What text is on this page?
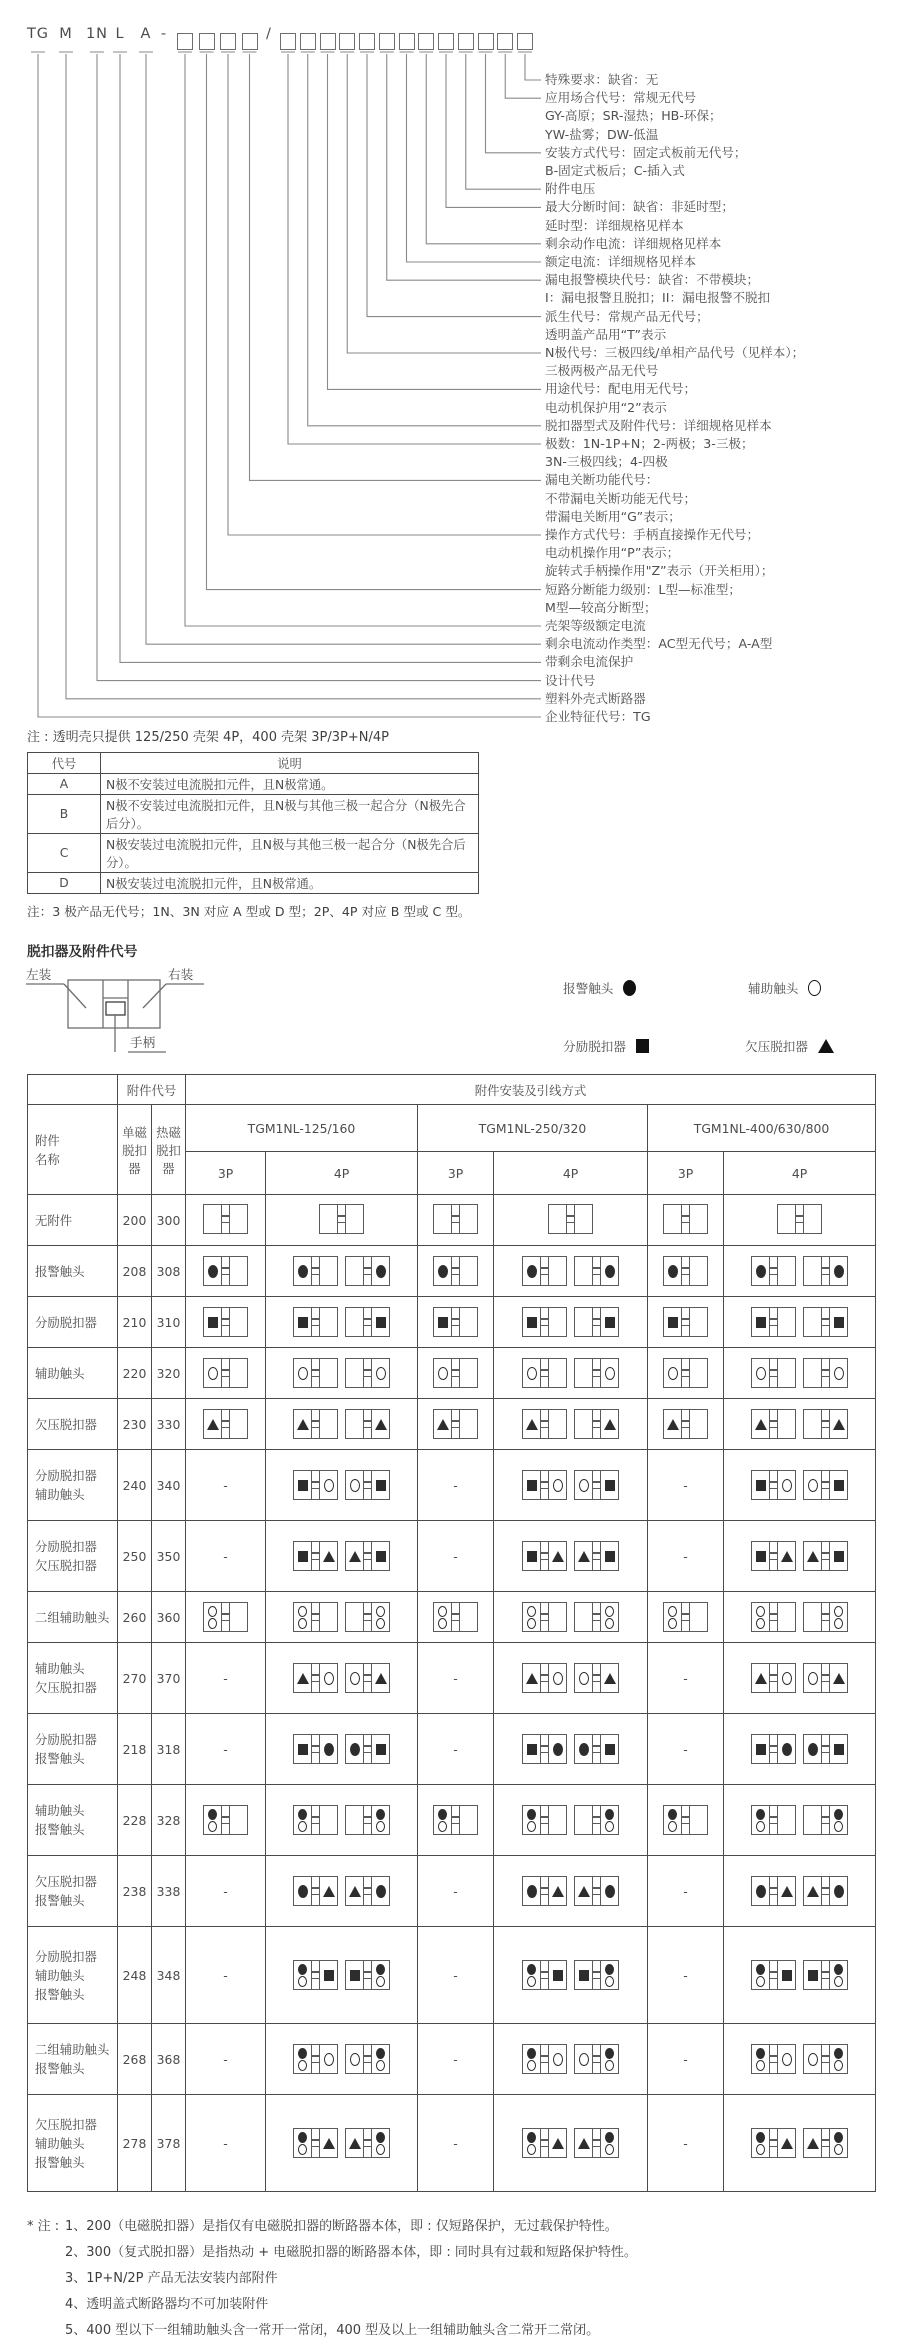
TG M 1N L A -	/
特殊要求：缺省：无
应用场合代号：常规无代号
GY-高原；SR-湿热；HB-环保；
YW-盐雾；DW-低温
安装方式代号：固定式板前无代号；
B-固定式板后；C-插入式
附件电压
最大分断时间：缺省：非延时型；
延时型：详细规格见样本
剩余动作电流：详细规格见样本
额定电流：详细规格见样本
漏电报警模块代号：缺省：不带模块；
I：漏电报警且脱扣；II：漏电报警不脱扣
派生代号：常规产品无代号；
透明盖产品用“T”表示
N极代号：三极四线/单相产品代号（见样本）；
三极两极产品无代号
用途代号：配电用无代号；
电动机保护用“2”表示
脱扣器型式及附件代号：详细规格见样本
极数：1N-1P+N；2-两极；3-三极；
3N-三极四线；4-四极
漏电关断功能代号：
不带漏电关断功能无代号；
带漏电关断用“G”表示；
操作方式代号：手柄直接操作无代号；
电动机操作用“P”表示；
旋转式手柄操作用"Z”表示（开关柜用）；
短路分断能力级别：L型—标准型；
M型—较高分断型；
壳架等级额定电流
剩余电流动作类型：AC型无代号；A-A型
带剩余电流保护
设计代号
塑料外壳式断路器
企业特征代号：TG
注 : 透明壳只提供 125/250 壳架 4P，400 壳架 3P/3P+N/4P
代号	说明
A	N极不安装过电流脱扣元件，且N极常通。
B	N极不安装过电流脱扣元件，且N极与其他三极一起合分（N极先合后分）。
C	N极安装过电流脱扣元件，且N极与其他三极一起合分（N极先合后分）。
D	N极安装过电流脱扣元件，且N极常通。
注：3 极产品无代号；1N、3N 对应 A 型或 D 型；2P、4P 对应 B 型或 C 型。
脱扣器及附件代号
左装	右装
手柄
报警触头	辅助触头
分励脱扣器	欠压脱扣器
	附件代号		附件安装及引线方式					

附件
名称

单磁
脱扣
器

热磁
脱扣
器
	TGM1NL-125/160	TGM1NL-250/320	TGM1NL-400/630/800
			3P	4P	3P	4P	3P	4P

无附件	200	300	

报警触头	208	308	

分励脱扣器	210	310	

辅助触头	220	320	

欠压脱扣器	230	330	

分励脱扣器
辅助触头	240	340	-		-		-	

分励脱扣器
欠压脱扣器	250	350	-		-		-	

二组辅助触头	260	360	

辅助触头
欠压脱扣器	270	370	-		-		-	

分励脱扣器
报警触头	218	318	-		-		-	

辅助触头
报警触头	228	328	

欠压脱扣器
报警触头	238	338	-		-		-	

分励脱扣器
辅助触头
报警触头	248	348	-		-		-	

二组辅助触头
报警触头	268	368	-		-		-	

欠压脱扣器
辅助触头
报警触头	278	378	-		-		-	
* 注 : 1、200（电磁脱扣器）是指仅有电磁脱扣器的断路器本体，即 : 仅短路保护，无过载保护特性。
2、300（复式脱扣器）是指热动 + 电磁脱扣器的断路器本体，即 : 同时具有过载和短路保护特性。
3、1P+N/2P 产品无法安装内部附件
4、透明盖式断路器均不可加装附件
5、400 型以下一组辅助触头含一常开一常闭，400 型及以上一组辅助触头含二常开二常闭。
